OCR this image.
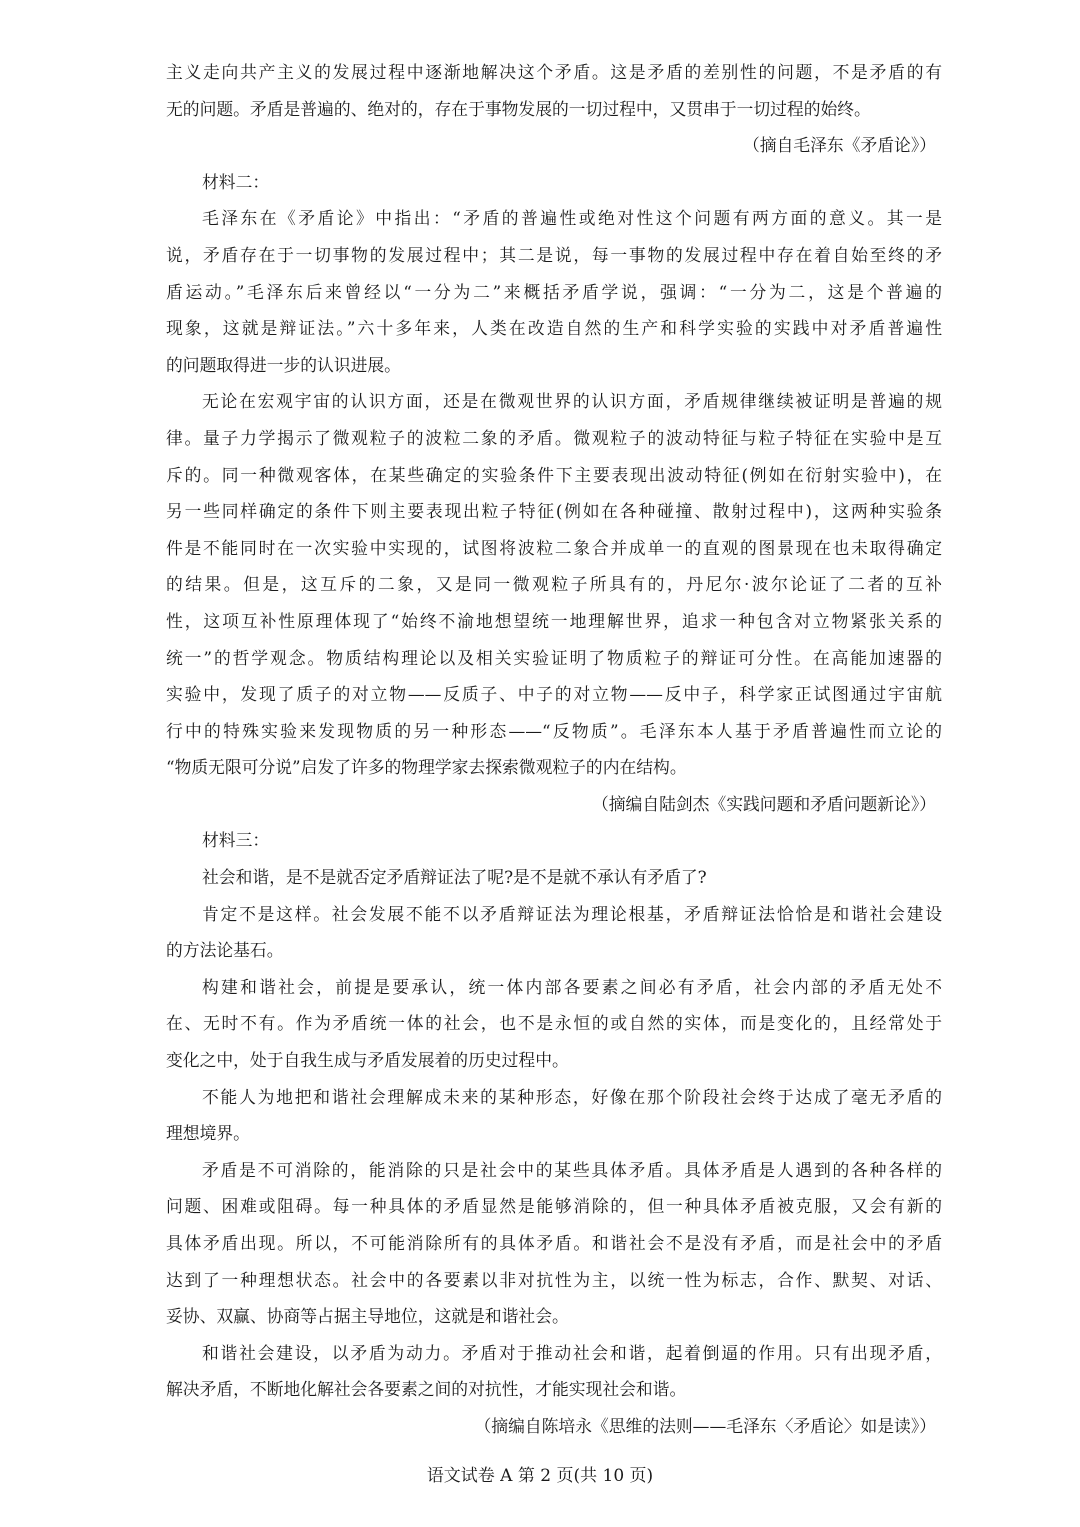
主义走向共产主义的发展过程中逐渐地解决这个矛盾。这是矛盾的差别性的问题，不是矛盾的有
无的问题。矛盾是普遍的、绝对的，存在于事物发展的一切过程中，又贯串于一切过程的始终。
（摘自毛泽东《矛盾论》）
材料二：
毛泽东在《矛盾论》中指出：“矛盾的普遍性或绝对性这个问题有两方面的意义。其一是
说，矛盾存在于一切事物的发展过程中；其二是说，每一事物的发展过程中存在着自始至终的矛
盾运动。”毛泽东后来曾经以“一分为二”来概括矛盾学说，强调：“一分为二，这是个普遍的
现象，这就是辩证法。”六十多年来，人类在改造自然的生产和科学实验的实践中对矛盾普遍性
的问题取得进一步的认识进展。
无论在宏观宇宙的认识方面，还是在微观世界的认识方面，矛盾规律继续被证明是普遍的规
律。量子力学揭示了微观粒子的波粒二象的矛盾。微观粒子的波动特征与粒子特征在实验中是互
斥的。同一种微观客体，在某些确定的实验条件下主要表现出波动特征(例如在衍射实验中)，在
另一些同样确定的条件下则主要表现出粒子特征(例如在各种碰撞、散射过程中)，这两种实验条
件是不能同时在一次实验中实现的，试图将波粒二象合并成单一的直观的图景现在也未取得确定
的结果。但是，这互斥的二象，又是同一微观粒子所具有的，丹尼尔·波尔论证了二者的互补
性，这项互补性原理体现了“始终不渝地想望统一地理解世界，追求一种包含对立物紧张关系的
统一”的哲学观念。物质结构理论以及相关实验证明了物质粒子的辩证可分性。在高能加速器的
实验中，发现了质子的对立物——反质子、中子的对立物——反中子，科学家正试图通过宇宙航
行中的特殊实验来发现物质的另一种形态——“反物质”。毛泽东本人基于矛盾普遍性而立论的
“物质无限可分说”启发了许多的物理学家去探索微观粒子的内在结构。
（摘编自陆剑杰《实践问题和矛盾问题新论》）
材料三：
社会和谐，是不是就否定矛盾辩证法了呢?是不是就不承认有矛盾了?
肯定不是这样。社会发展不能不以矛盾辩证法为理论根基，矛盾辩证法恰恰是和谐社会建设
的方法论基石。
构建和谐社会，前提是要承认，统一体内部各要素之间必有矛盾，社会内部的矛盾无处不
在、无时不有。作为矛盾统一体的社会，也不是永恒的或自然的实体，而是变化的，且经常处于
变化之中，处于自我生成与矛盾发展着的历史过程中。
不能人为地把和谐社会理解成未来的某种形态，好像在那个阶段社会终于达成了毫无矛盾的
理想境界。
矛盾是不可消除的，能消除的只是社会中的某些具体矛盾。具体矛盾是人遇到的各种各样的
问题、困难或阻碍。每一种具体的矛盾显然是能够消除的，但一种具体矛盾被克服，又会有新的
具体矛盾出现。所以，不可能消除所有的具体矛盾。和谐社会不是没有矛盾，而是社会中的矛盾
达到了一种理想状态。社会中的各要素以非对抗性为主，以统一性为标志，合作、默契、对话、
妥协、双赢、协商等占据主导地位，这就是和谐社会。
和谐社会建设，以矛盾为动力。矛盾对于推动社会和谐，起着倒逼的作用。只有出现矛盾，
解决矛盾，不断地化解社会各要素之间的对抗性，才能实现社会和谐。
（摘编自陈培永《思维的法则——毛泽东〈矛盾论〉如是读》）
语文试卷 A 第 2 页(共 10 页)
